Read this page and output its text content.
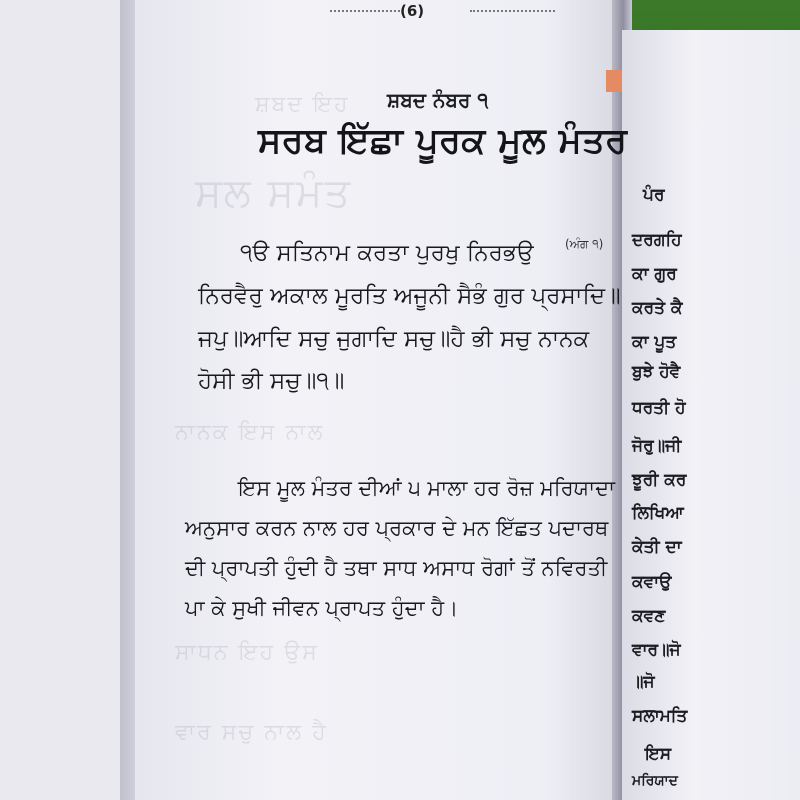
ਸ਼ਬਦ ਇਹ
ਸਲ ਸਮੰਤ
ਨਾਨਕ ਇਸ ਨਾਲ
ਸਾਧਨ ਇਹ ਉਸ
ਵਾਰ ਸਚੁ ਨਾਲ ਹੈ
(6)
ਸ਼ਬਦ ਨੰਬਰ ੧
ਸਰਬ ਇੱਛਾ ਪੂਰਕ ਮੂਲ ਮੰਤਰ
(ਅੰਗ ੧)
੧ੳ ਸਤਿਨਾਮ ਕਰਤਾ ਪੁਰਖੁ ਨਿਰਭਉ
ਨਿਰਵੈਰੁ ਅਕਾਲ ਮੂਰਤਿ ਅਜੂਨੀ ਸੈਭੰ ਗੁਰ ਪ੍ਰਸਾਦਿ॥
ਜਪੁ॥ਆਦਿ ਸਚੁ ਜੁਗਾਦਿ ਸਚੁ॥ਹੈ ਭੀ ਸਚੁ ਨਾਨਕ
ਹੋਸੀ ਭੀ ਸਚੁ॥੧॥
ਇਸ ਮੂਲ ਮੰਤਰ ਦੀਆਂ ੫ ਮਾਲਾ ਹਰ ਰੋਜ਼ ਮਰਿਯਾਦਾ
ਅਨੁਸਾਰ ਕਰਨ ਨਾਲ ਹਰ ਪ੍ਰਕਾਰ ਦੇ ਮਨ ਇੱਛਤ ਪਦਾਰਥ
ਦੀ ਪ੍ਰਾਪਤੀ ਹੁੰਦੀ ਹੈ ਤਥਾ ਸਾਧ ਅਸਾਧ ਰੋਗਾਂ ਤੋਂ ਨਵਿਰਤੀ
ਪਾ ਕੇ ਸੁਖੀ ਜੀਵਨ ਪ੍ਰਾਪਤ ਹੁੰਦਾ ਹੈ।
ਪੰਰ
ਦਰਗਹਿ
ਕਾ ਗੁਰ
ਕਰਤੇ ਕੈ
ਕਾ ਪੂਤ
ਬੁਝੇ ਹੋਵੈ
ਧਰਤੀ ਹੋ
ਜੋਰੁ॥ਜੀ
ਝੂਰੀ ਕਰ
ਲਿਖਿਆ
ਕੇਤੀ ਦਾ
ਕਵਾਉ
ਕਵਣ
ਵਾਰ॥ਜੋ
॥ਜੋ
ਸਲਾਮਤਿ
ਇਸ
ਮਰਿਯਾਦ
